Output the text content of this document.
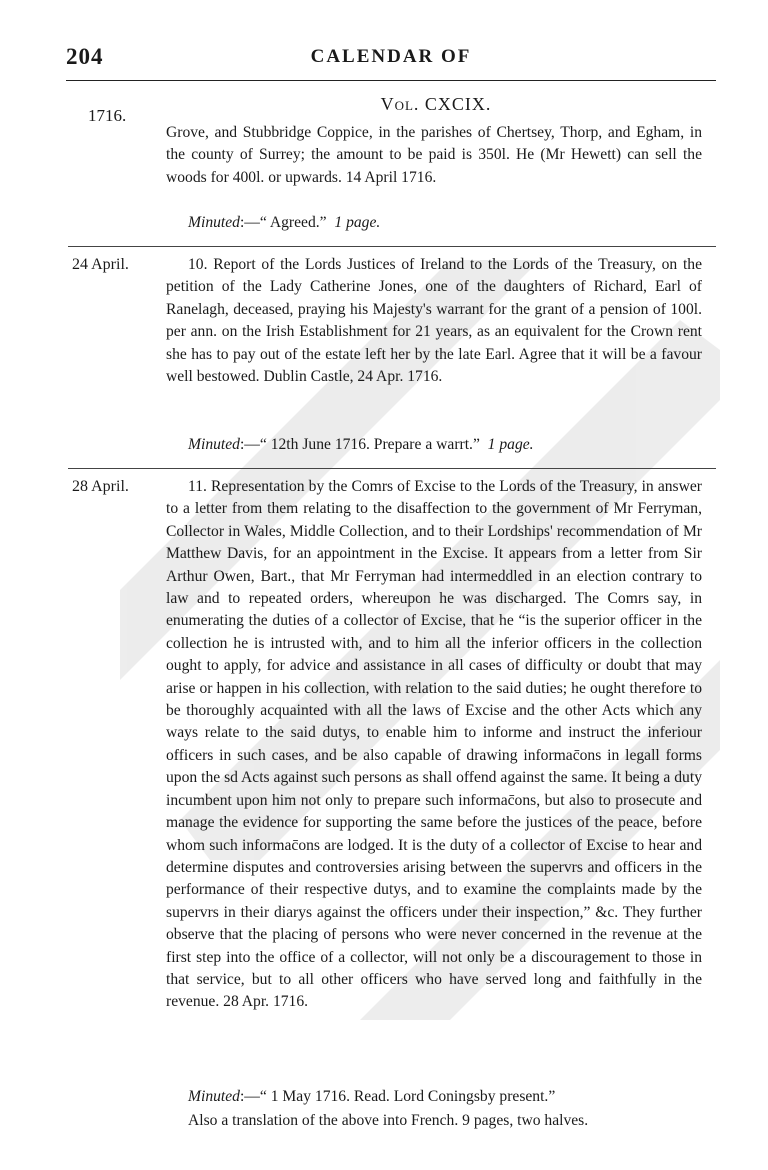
204	CALENDAR OF
1716.
Vol. CXCIX.

Grove, and Stubbridge Coppice, in the parishes of Chertsey, Thorp, and Egham, in the county of Surrey; the amount to be paid is 350l. He (Mr Hewett) can sell the woods for 400l. or upwards. 14 April 1716.

Minuted:—“ Agreed.” 1 page.

24 April.	10. Report of the Lords Justices of Ireland to the Lords of the Treasury, on the petition of the Lady Catherine Jones, one of the daughters of Richard, Earl of Ranelagh, deceased, praying his Majesty's warrant for the grant of a pension of 100l. per ann. on the Irish Establishment for 21 years, as an equivalent for the Crown rent she has to pay out of the estate left her by the late Earl. Agree that it will be a favour well bestowed. Dublin Castle, 24 Apr. 1716.

Minuted:—“ 12th June 1716. Prepare a warrt.” 1 page.

28 April.	11. Representation by the Comrs of Excise to the Lords of the Treasury, in answer to a letter from them relating to the disaffection to the government of Mr Ferryman, Collector in Wales, Middle Collection, and to their Lordships' recommendation of Mr Matthew Davis, for an appointment in the Excise. It appears from a letter from Sir Arthur Owen, Bart., that Mr Ferryman had intermeddled in an election contrary to law and to repeated orders, whereupon he was discharged. The Comrs say, in enumerating the duties of a collector of Excise, that he “is the superior officer in the collection he is intrusted with, and to him all the inferior officers in the collection ought to apply, for advice and assistance in all cases of difficulty or doubt that may arise or happen in his collection, with relation to the said duties; he ought therefore to be thoroughly acquainted with all the laws of Excise and the other Acts which any ways relate to the said dutys, to enable him to informe and instruct the inferiour officers in such cases, and be also capable of drawing informac̄ons in legall forms upon the sd Acts against such persons as shall offend against the same. It being a duty incumbent upon him not only to prepare such informac̄ons, but also to prosecute and manage the evidence for supporting the same before the justices of the peace, before whom such informac̄ons are lodged. It is the duty of a collector of Excise to hear and determine disputes and controversies arising between the supervrs and officers in the performance of their respective dutys, and to examine the complaints made by the supervrs in their diarys against the officers under their inspection,” &c. They further observe that the placing of persons who were never concerned in the revenue at the first step into the office of a collector, will not only be a discouragement to those in that service, but to all other officers who have served long and faithfully in the revenue. 28 Apr. 1716.

Minuted:—“ 1 May 1716. Read. Lord Coningsby present.”

Also a translation of the above into French. 9 pages, two halves.
